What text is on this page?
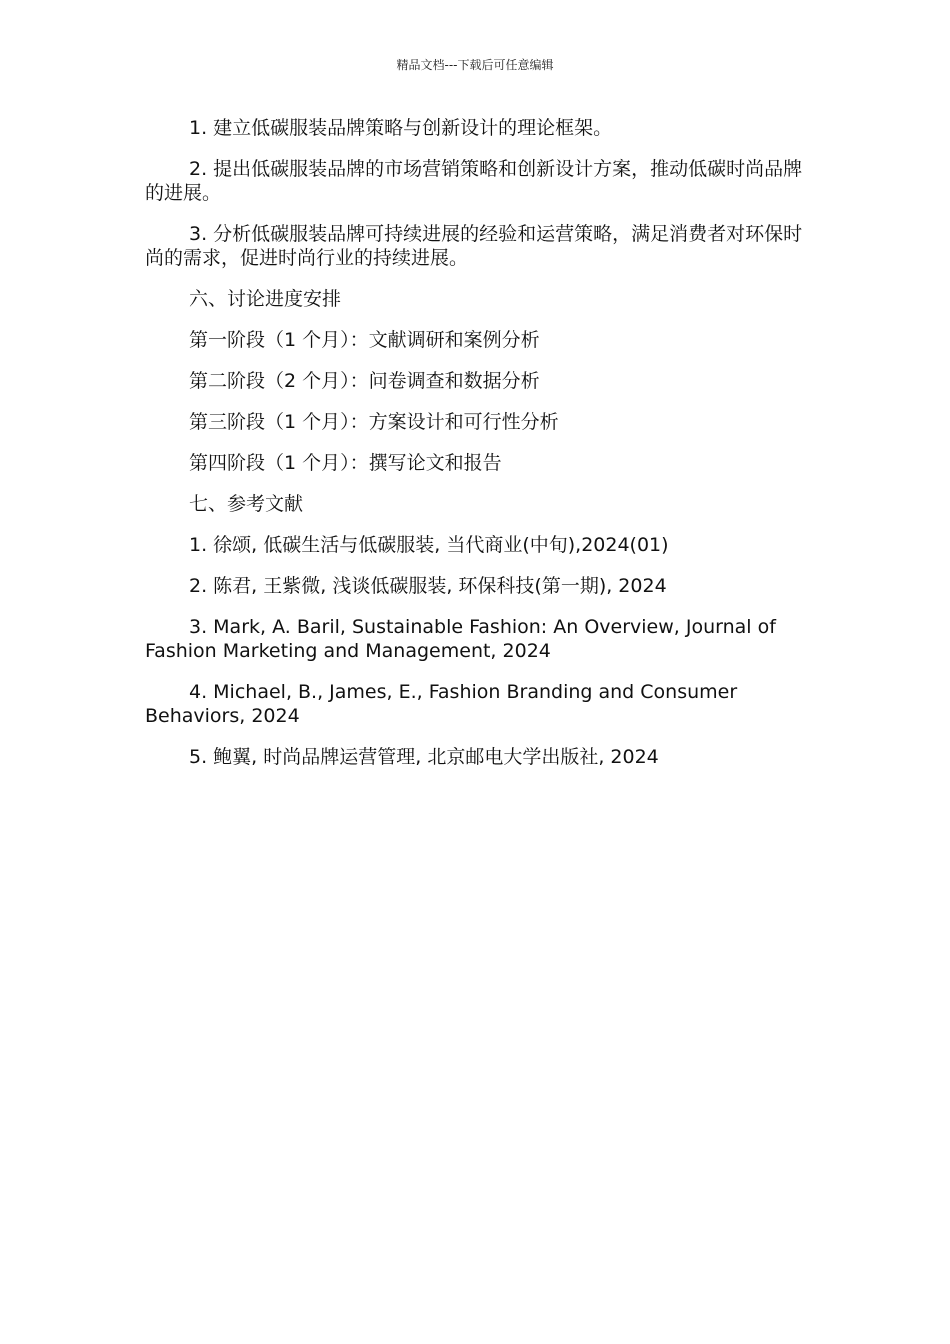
精品文档---下载后可任意编辑

1. 建立低碳服装品牌策略与创新设计的理论框架。

2. 提出低碳服装品牌的市场营销策略和创新设计方案，推动低碳时尚品牌的进展。

3. 分析低碳服装品牌可持续进展的经验和运营策略，满足消费者对环保时尚的需求，促进时尚行业的持续进展。

六、讨论进度安排

第一阶段（1 个月）：文献调研和案例分析

第二阶段（2 个月）：问卷调查和数据分析

第三阶段（1 个月）：方案设计和可行性分析

第四阶段（1 个月）：撰写论文和报告

七、参考文献

1. 徐颂, 低碳生活与低碳服装, 当代商业(中旬),2024(01)

2. 陈君, 王紫微, 浅谈低碳服装, 环保科技(第一期), 2024

3. Mark, A. Baril, Sustainable Fashion: An Overview, Journal of Fashion Marketing and Management, 2024

4. Michael, B., James, E., Fashion Branding and Consumer Behaviors, 2024

5. 鲍翼, 时尚品牌运营管理, 北京邮电大学出版社, 2024
